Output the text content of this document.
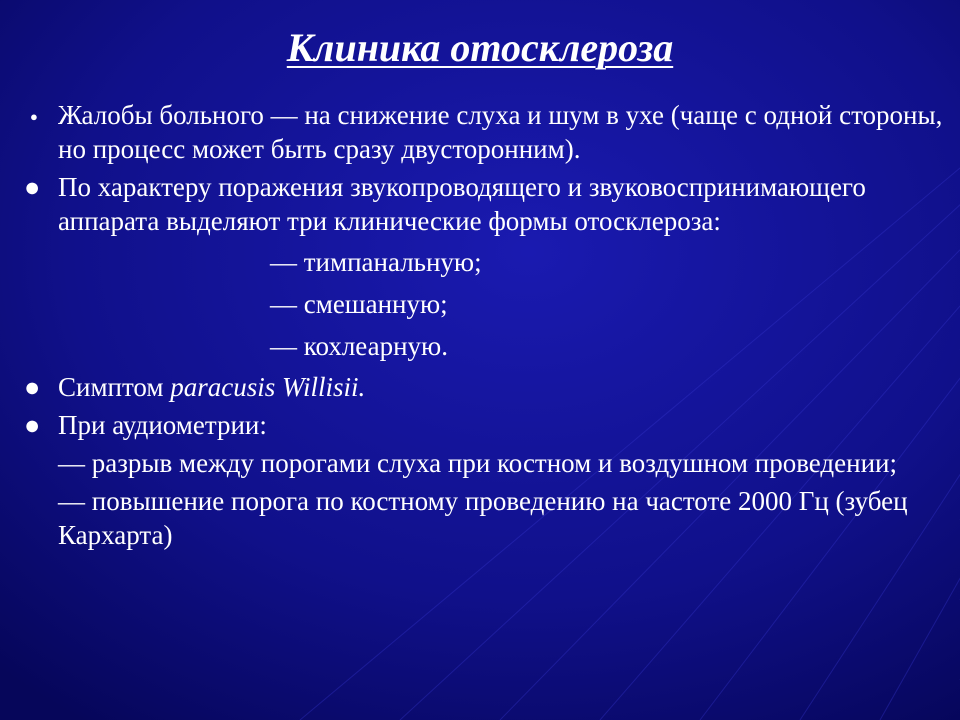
Клиника отосклероза

● Жалобы больного — на снижение слуха и шум в ухе (чаще с одной стороны, но процесс может быть сразу двусторонним).

● По характеру поражения звукопроводящего и звуковоспринимающего аппарата выделяют три клинические формы отосклероза:

— тимпанальную;
— смешанную;
— кохлеарную.

● Симптом paracusis Willisii.

● При аудиометрии:

— разрыв между порогами слуха при костном и воздушном проведении;

— повышение порога по костному проведению на частоте 2000 Гц (зубец Кархарта)
